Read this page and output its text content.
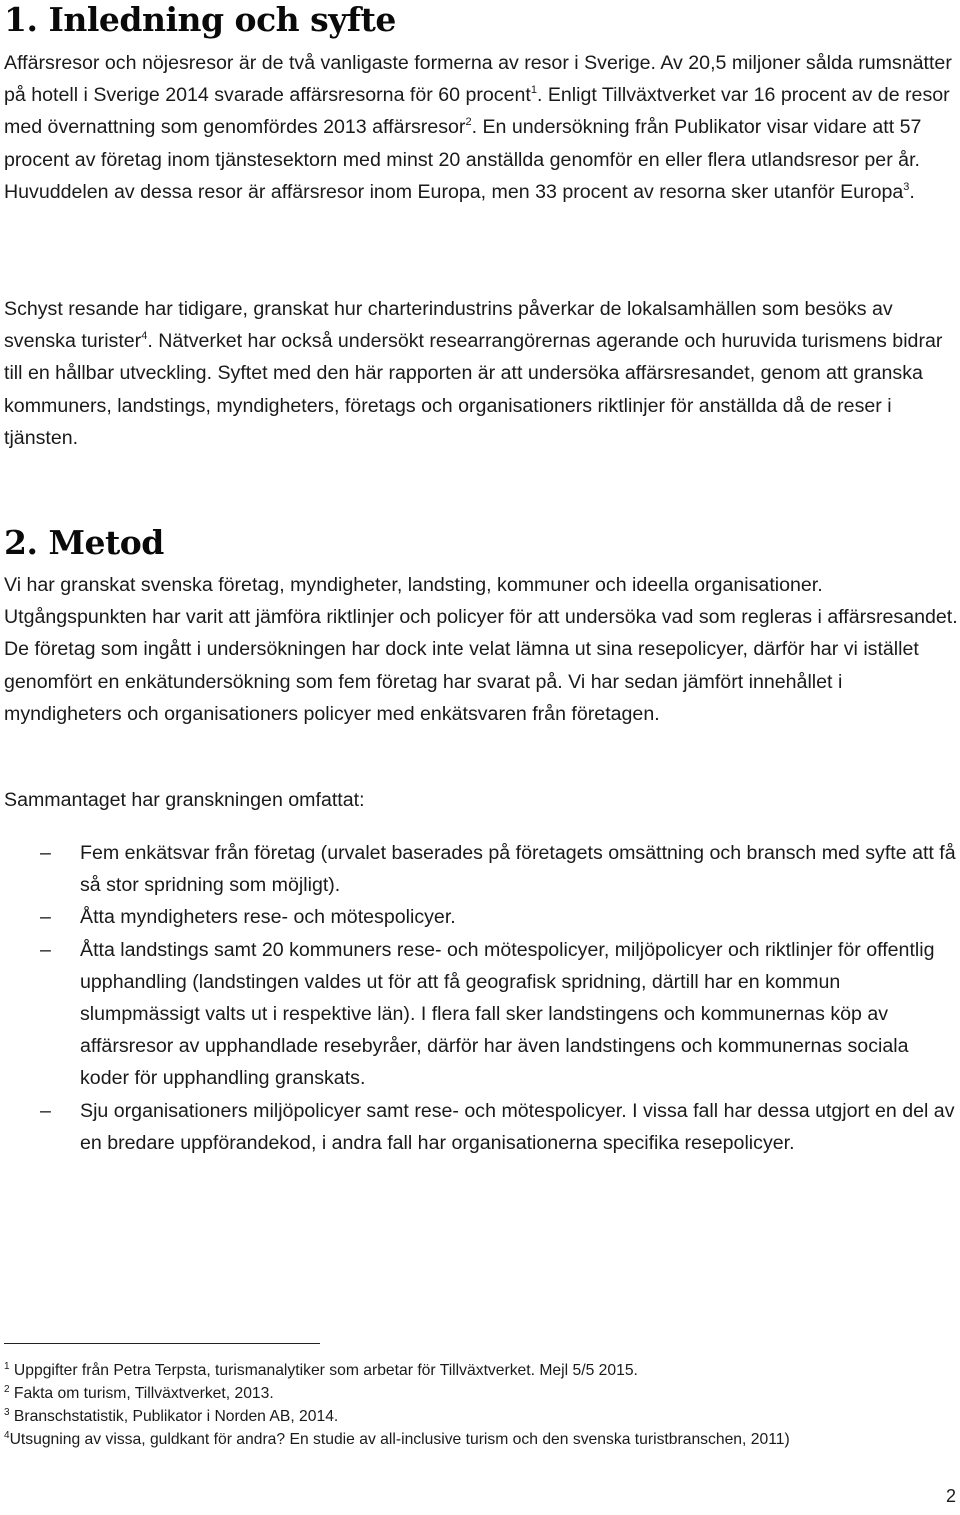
1. Inledning och syfte

Affärsresor och nöjesresor är de två vanligaste formerna av resor i Sverige. Av 20,5 miljoner sålda rumsnätter på hotell i Sverige 2014 svarade affärsresorna för 60 procent$^1$. Enligt Tillväxtverket var 16 procent av de resor med övernattning som genomfördes 2013 affärsresor$^2$. En undersökning från Publikator visar vidare att 57 procent av företag inom tjänstesektorn med minst 20 anställda genomför en eller flera utlandsresor per år. Huvuddelen av dessa resor är affärsresor inom Europa, men 33 procent av resorna sker utanför Europa$^3$.

Schyst resande har tidigare, granskat hur charterindustrins påverkar de lokalsamhällen som besöks av svenska turister$^4$. Nätverket har också undersökt researrangörernas agerande och huruvida turismens bidrar till en hållbar utveckling. Syftet med den här rapporten är att undersöka affärsresandet, genom att granska kommuners, landstings, myndigheters, företags och organisationers riktlinjer för anställda då de reser i tjänsten.

2. Metod

Vi har granskat svenska företag, myndigheter, landsting, kommuner och ideella organisationer. Utgångspunkten har varit att jämföra riktlinjer och policyer för att undersöka vad som regleras i affärsresandet. De företag som ingått i undersökningen har dock inte velat lämna ut sina resepolicyer, därför har vi istället genomfört en enkätundersökning som fem företag har svarat på. Vi har sedan jämfört innehållet i myndigheters och organisationers policyer med enkätsvaren från företagen.

Sammantaget har granskningen omfattat:

– Fem enkätsvar från företag (urvalet baserades på företagets omsättning och bransch med syfte att få så stor spridning som möjligt).
– Åtta myndigheters rese- och mötespolicyer.
– Åtta landstings samt 20 kommuners rese- och mötespolicyer, miljöpolicyer och riktlinjer för offentlig upphandling (landstingen valdes ut för att få geografisk spridning, därtill har en kommun slumpmässigt valts ut i respektive län). I flera fall sker landstingens och kommunernas köp av affärsresor av upphandlade resebyråer, därför har även landstingens och kommunernas sociala koder för upphandling granskats.
– Sju organisationers miljöpolicyer samt rese- och mötespolicyer. I vissa fall har dessa utgjort en del av en bredare uppförandekod, i andra fall har organisationerna specifika resepolicyer.

$^1$ Uppgifter från Petra Terpsta, turismanalytiker som arbetar för Tillväxtverket. Mejl 5/5 2015.

$^2$ Fakta om turism, Tillväxtverket, 2013.

$^3$ Branschstatistik, Publikator i Norden AB, 2014.

$^4$Utsugning av vissa, guldkant för andra? En studie av all-inclusive turism och den svenska turistbranschen, 2011)

2
